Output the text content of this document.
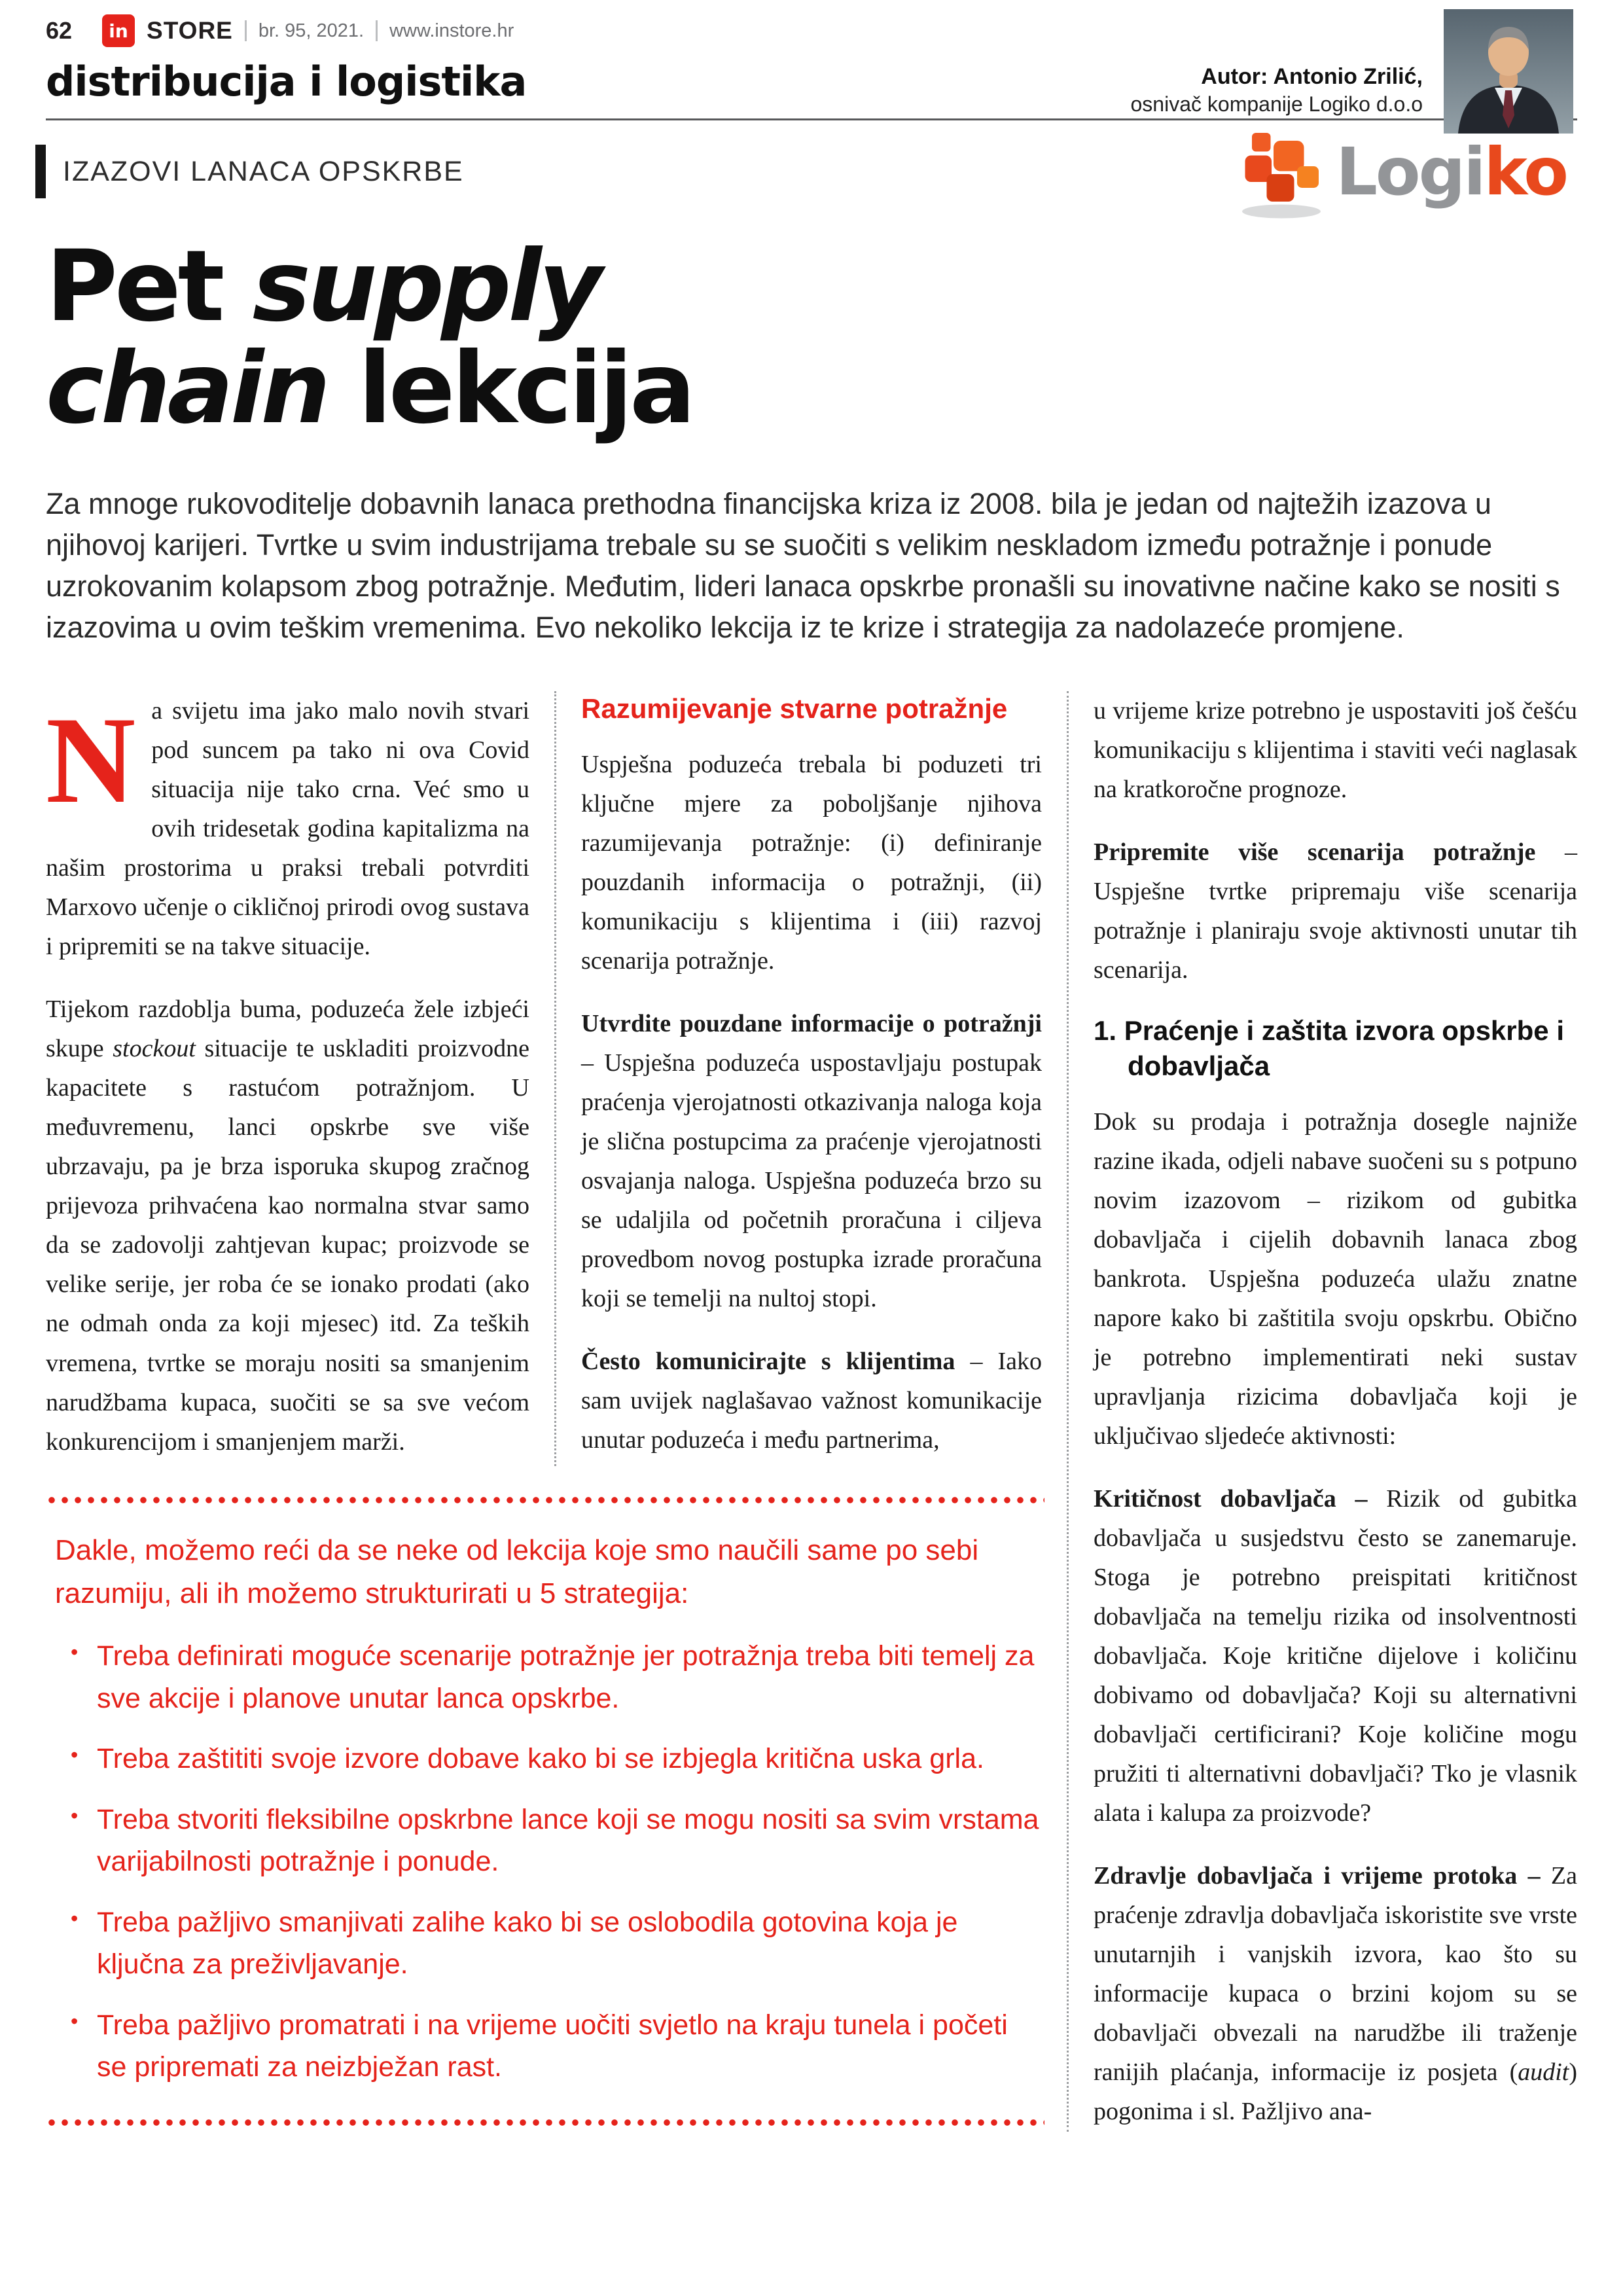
62 in STORE br. 95, 2021. www.instore.hr
distribucija i logistika	Autor: Antonio Zrilić,
osnivač kompanije Logiko d.o.o
IZAZOVI LANACA OPSKRBE	Logiko
Pet supply
chain lekcija

Za mnoge rukovoditelje dobavnih lanaca prethodna financijska kriza iz 2008. bila je jedan od najtežih izazova u njihovoj karijeri. Tvrtke u svim industrijama trebale su se suočiti s velikim neskladom između potražnje i ponude uzrokovanim kolapsom zbog potražnje. Međutim, lideri lanaca opskrbe pronašli su inovativne načine kako se nositi s izazovima u ovim teškim vremenima. Evo nekoliko lekcija iz te krize i strategija za nadolazeće promjene.

Na svijetu ima jako malo novih stvari pod suncem pa tako ni ova Covid situacija nije tako crna. Već smo u ovih tridesetak godina kapitalizma na našim prostorima u praksi trebali potvrditi Marxovo učenje o cikličnoj prirodi ovog sustava i pripremiti se na takve situacije.

Tijekom razdoblja buma, poduzeća žele izbjeći skupe stockout situacije te uskladiti proizvodne kapacitete s rastućom potražnjom. U međuvremenu, lanci opskrbe sve više ubrzavaju, pa je brza isporuka skupog zračnog prijevoza prihvaćena kao normalna stvar samo da se zadovolji zahtjevan kupac; proizvode se velike serije, jer roba će se ionako prodati (ako ne odmah onda za koji mjesec) itd. Za teških vremena, tvrtke se moraju nositi sa smanjenim narudžbama kupaca, suočiti se sa sve većom konkurencijom i smanjenjem marži.

Razumijevanje stvarne potražnje

Uspješna poduzeća trebala bi poduzeti tri ključne mjere za poboljšanje njihova razumijevanja potražnje: (i) definiranje pouzdanih informacija o potražnji, (ii) komunikaciju s klijentima i (iii) razvoj scenarija potražnje.

Utvrdite pouzdane informacije o potražnji – Uspješna poduzeća uspostavljaju postupak praćenja vjerojatnosti otkazivanja naloga koja je slična postupcima za praćenje vjerojatnosti osvajanja naloga. Uspješna poduzeća brzo su se udaljila od početnih proračuna i ciljeva provedbom novog postupka izrade proračuna koji se temelji na nultoj stopi.

Često komunicirajte s klijentima – Iako sam uvijek naglašavao važnost komunikacije unutar poduzeća i među partnerima,

u vrijeme krize potrebno je uspostaviti još češću komunikaciju s klijentima i staviti veći naglasak na kratkoročne prognoze.

Pripremite više scenarija potražnje – Uspješne tvrtke pripremaju više scenarija potražnje i planiraju svoje aktivnosti unutar tih scenarija.

1. Praćenje i zaštita izvora opskrbe i dobavljača

Dok su prodaja i potražnja dosegle najniže razine ikada, odjeli nabave suočeni su s potpuno novim izazovom – rizikom od gubitka dobavljača i cijelih dobavnih lanaca zbog bankrota. Uspješna poduzeća ulažu znatne napore kako bi zaštitila svoju opskrbu. Obično je potrebno implementirati neki sustav upravljanja rizicima dobavljača koji je uključivao sljedeće aktivnosti:

Kritičnost dobavljača – Rizik od gubitka dobavljača u susjedstvu često se zanemaruje. Stoga je potrebno preispitati kritičnost dobavljača na temelju rizika od insolventnosti dobavljača. Koje kritične dijelove i količinu dobivamo od dobavljača? Koji su alternativni dobavljači certificirani? Koje količine mogu pružiti ti alternativni dobavljači? Tko je vlasnik alata i kalupa za proizvode?

Zdravlje dobavljača i vrijeme protoka – Za praćenje zdravlja dobavljača iskoristite sve vrste unutarnjih i vanjskih izvora, kao što su informacije kupaca o brzini kojom su se dobavljači obvezali na narudžbe ili traženje ranijih plaćanja, informacije iz posjeta (audit) pogonima i sl. Pažljivo ana-

Dakle, možemo reći da se neke od lekcija koje smo naučili same po sebi razumiju, ali ih možemo strukturirati u 5 strategija:

• Treba definirati moguće scenarije potražnje jer potražnja treba biti temelj za sve akcije i planove unutar lanca opskrbe.
• Treba zaštititi svoje izvore dobave kako bi se izbjegla kritična uska grla.
• Treba stvoriti fleksibilne opskrbne lance koji se mogu nositi sa svim vrstama varijabilnosti potražnje i ponude.
• Treba pažljivo smanjivati zalihe kako bi se oslobodila gotovina koja je ključna za preživljavanje.
• Treba pažljivo promatrati i na vrijeme uočiti svjetlo na kraju tunela i početi se pripremati za neizbježan rast.
